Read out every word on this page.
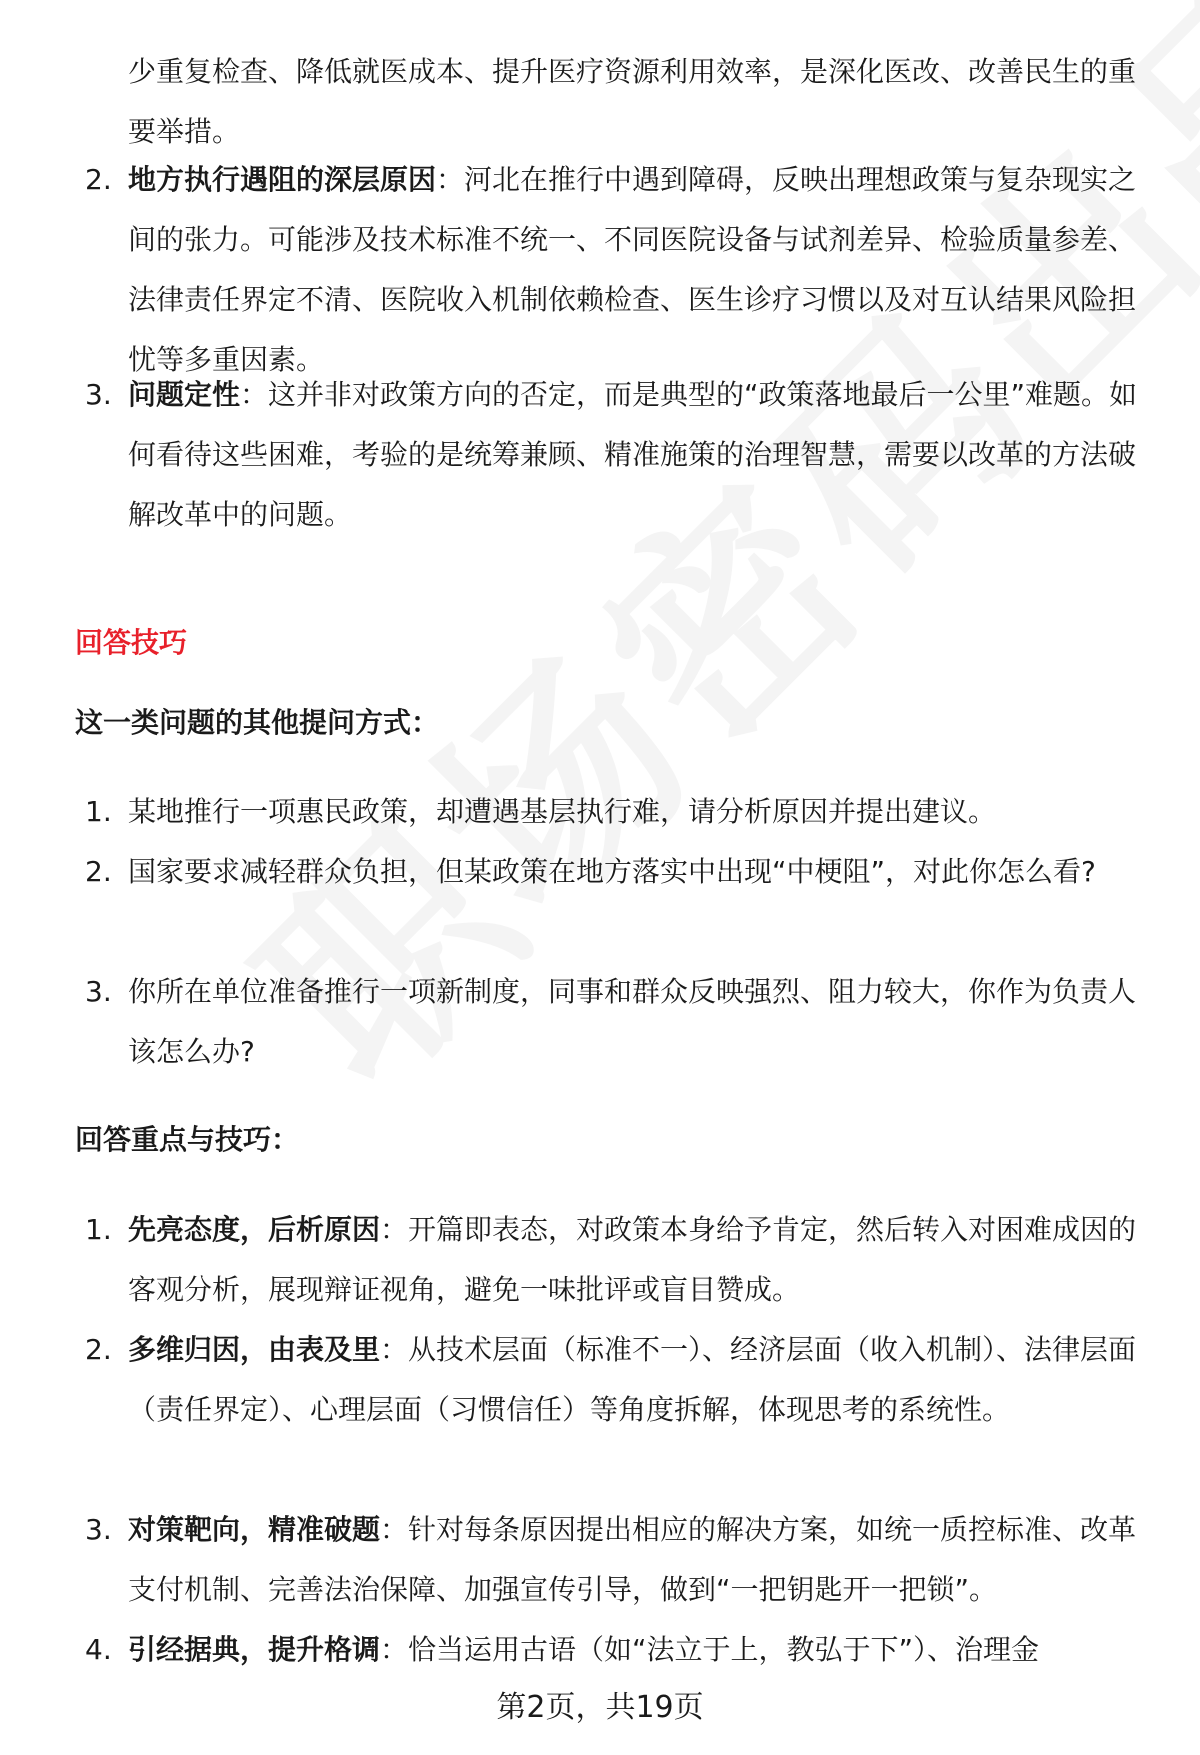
少重复检查、降低就医成本、提升医疗资源利用效率，是深化医改、改善民生的重要举措。
2. 地方执行遇阻的深层原因：河北在推行中遇到障碍，反映出理想政策与复杂现实之间的张力。可能涉及技术标准不统一、不同医院设备与试剂差异、检验质量参差、法律责任界定不清、医院收入机制依赖检查、医生诊疗习惯以及对互认结果风险担忧等多重因素。
3. 问题定性：这并非对政策方向的否定，而是典型的“政策落地最后一公里”难题。如何看待这些困难，考验的是统筹兼顾、精准施策的治理智慧，需要以改革的方法破解改革中的问题。
回答技巧
这一类问题的其他提问方式：
1. 某地推行一项惠民政策，却遭遇基层执行难，请分析原因并提出建议。
2. 国家要求减轻群众负担，但某政策在地方落实中出现“中梗阻”，对此你怎么看?
3. 你所在单位准备推行一项新制度，同事和群众反映强烈、阻力较大，你作为负责人该怎么办?
回答重点与技巧：
1. 先亮态度，后析原因：开篇即表态，对政策本身给予肯定，然后转入对困难成因的客观分析，展现辩证视角，避免一味批评或盲目赞成。
2. 多维归因，由表及里：从技术层面（标准不一）、经济层面（收入机制）、法律层面（责任界定）、心理层面（习惯信任）等角度拆解，体现思考的系统性。
3. 对策靶向，精准破题：针对每条原因提出相应的解决方案，如统一质控标准、改革支付机制、完善法治保障、加强宣传引导，做到“一把钥匙开一把锁”。
4. 引经据典，提升格调：恰当运用古语（如“法立于上，教弘于下”）、治理金
第2页，共19页
